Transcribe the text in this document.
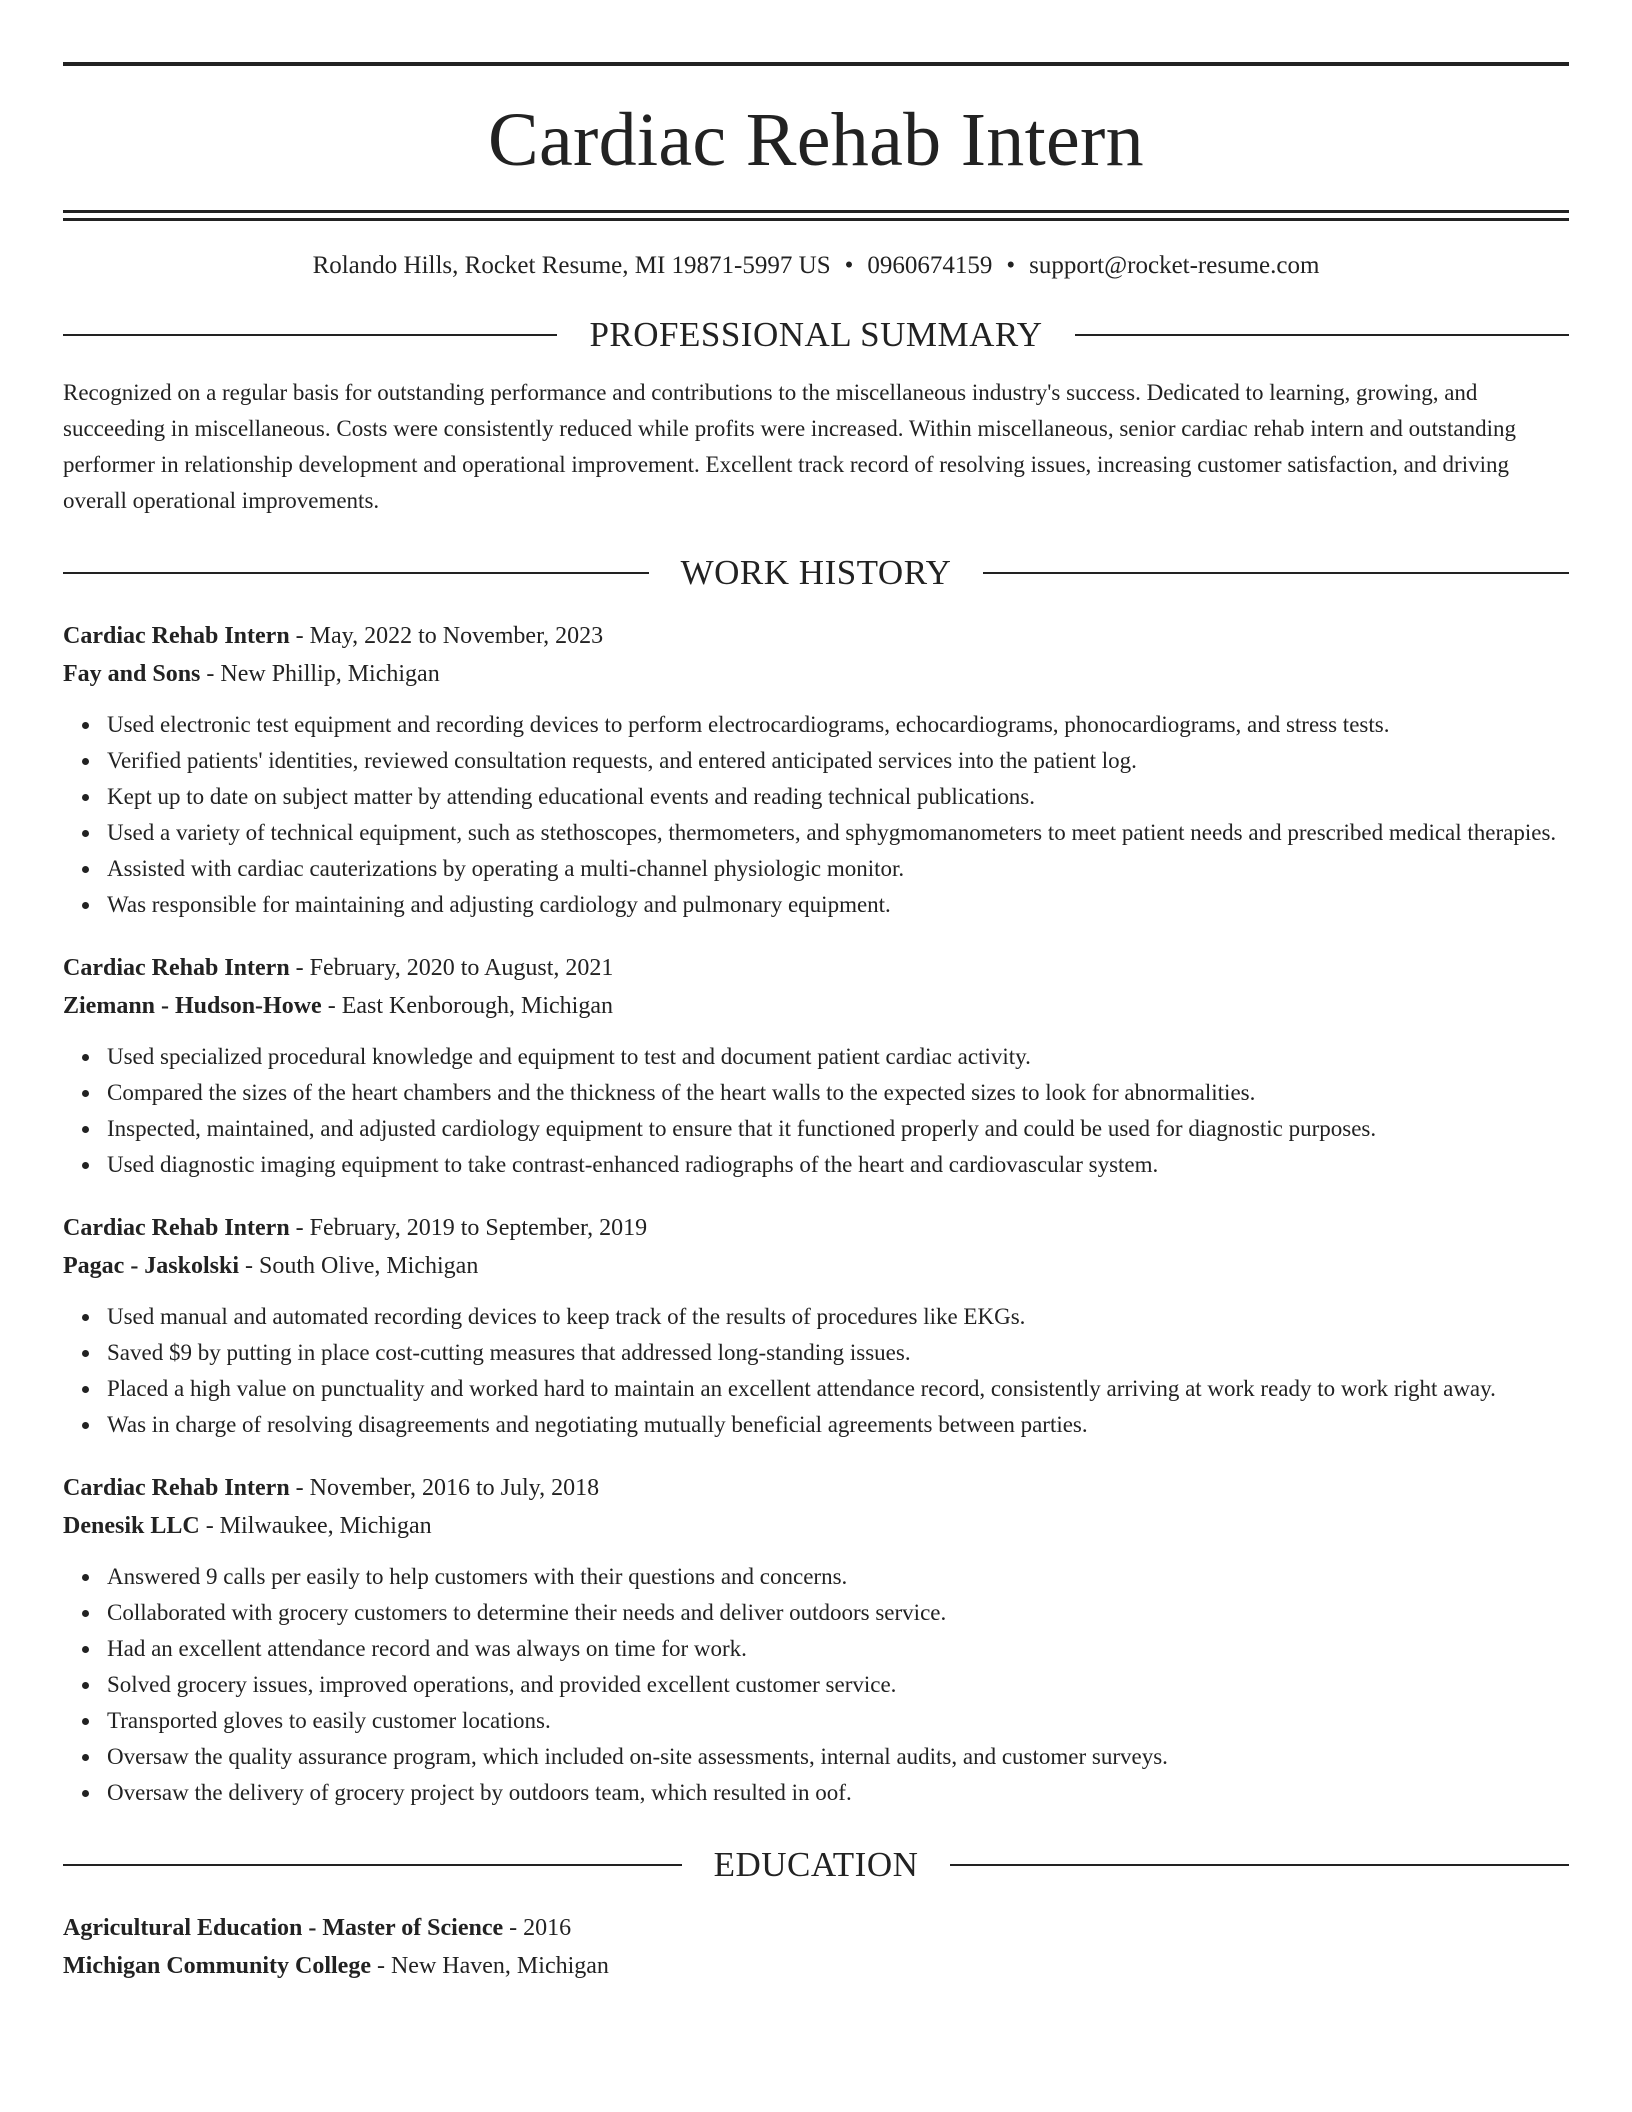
Cardiac Rehab Intern
Rolando Hills, Rocket Resume, MI 19871-5997 US • 0960674159 • support@rocket-resume.com
PROFESSIONAL SUMMARY
Recognized on a regular basis for outstanding performance and contributions to the miscellaneous industry's success. Dedicated to learning, growing, and succeeding in miscellaneous. Costs were consistently reduced while profits were increased. Within miscellaneous, senior cardiac rehab intern and outstanding performer in relationship development and operational improvement. Excellent track record of resolving issues, increasing customer satisfaction, and driving overall operational improvements.
WORK HISTORY
Cardiac Rehab Intern - May, 2022 to November, 2023
Fay and Sons - New Phillip, Michigan
Used electronic test equipment and recording devices to perform electrocardiograms, echocardiograms, phonocardiograms, and stress tests.
Verified patients' identities, reviewed consultation requests, and entered anticipated services into the patient log.
Kept up to date on subject matter by attending educational events and reading technical publications.
Used a variety of technical equipment, such as stethoscopes, thermometers, and sphygmomanometers to meet patient needs and prescribed medical therapies.
Assisted with cardiac cauterizations by operating a multi-channel physiologic monitor.
Was responsible for maintaining and adjusting cardiology and pulmonary equipment.
Cardiac Rehab Intern - February, 2020 to August, 2021
Ziemann - Hudson-Howe - East Kenborough, Michigan
Used specialized procedural knowledge and equipment to test and document patient cardiac activity.
Compared the sizes of the heart chambers and the thickness of the heart walls to the expected sizes to look for abnormalities.
Inspected, maintained, and adjusted cardiology equipment to ensure that it functioned properly and could be used for diagnostic purposes.
Used diagnostic imaging equipment to take contrast-enhanced radiographs of the heart and cardiovascular system.
Cardiac Rehab Intern - February, 2019 to September, 2019
Pagac - Jaskolski - South Olive, Michigan
Used manual and automated recording devices to keep track of the results of procedures like EKGs.
Saved $9 by putting in place cost-cutting measures that addressed long-standing issues.
Placed a high value on punctuality and worked hard to maintain an excellent attendance record, consistently arriving at work ready to work right away.
Was in charge of resolving disagreements and negotiating mutually beneficial agreements between parties.
Cardiac Rehab Intern - November, 2016 to July, 2018
Denesik LLC - Milwaukee, Michigan
Answered 9 calls per easily to help customers with their questions and concerns.
Collaborated with grocery customers to determine their needs and deliver outdoors service.
Had an excellent attendance record and was always on time for work.
Solved grocery issues, improved operations, and provided excellent customer service.
Transported gloves to easily customer locations.
Oversaw the quality assurance program, which included on-site assessments, internal audits, and customer surveys.
Oversaw the delivery of grocery project by outdoors team, which resulted in oof.
EDUCATION
Agricultural Education - Master of Science - 2016
Michigan Community College - New Haven, Michigan
